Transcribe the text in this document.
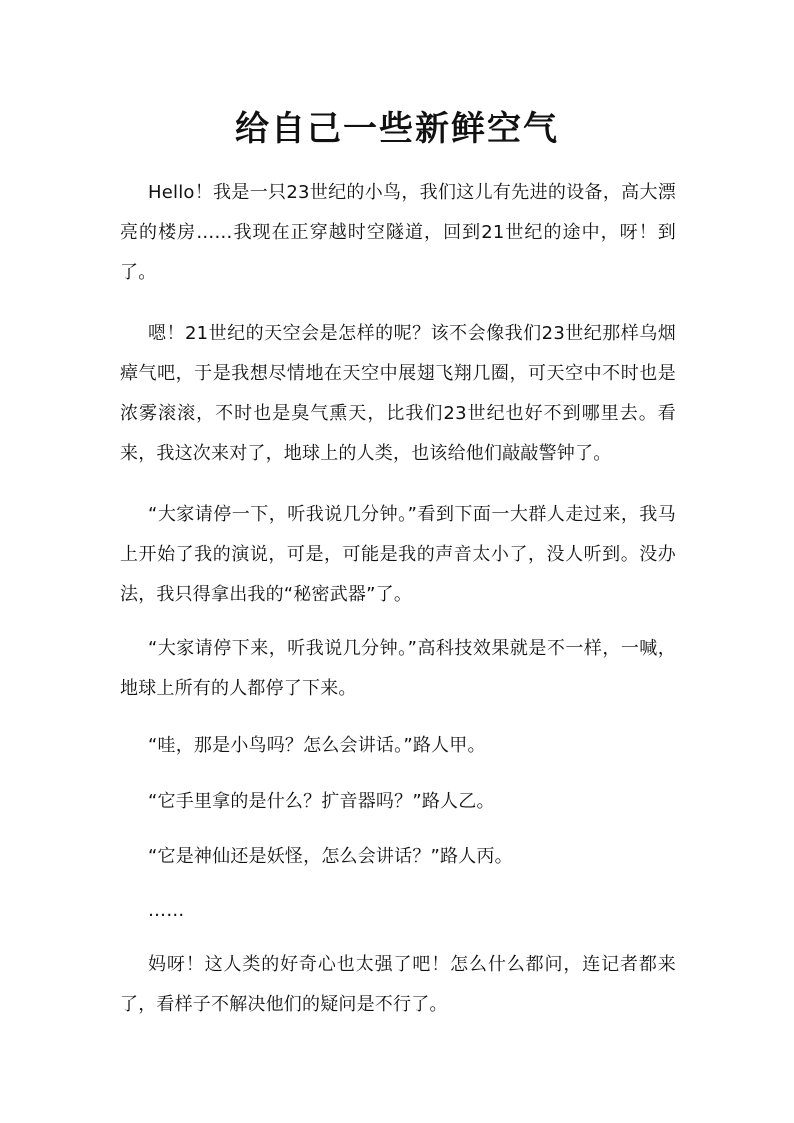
给自己一些新鲜空气

Hello！我是一只23世纪的小鸟，我们这儿有先进的设备，高大漂亮的楼房……我现在正穿越时空隧道，回到21世纪的途中，呀！到了。

嗯！21世纪的天空会是怎样的呢？该不会像我们23世纪那样乌烟瘴气吧，于是我想尽情地在天空中展翅飞翔几圈，可天空中不时也是浓雾滚滚，不时也是臭气熏天，比我们23世纪也好不到哪里去。看来，我这次来对了，地球上的人类，也该给他们敲敲警钟了。

“大家请停一下，听我说几分钟。”看到下面一大群人走过来，我马上开始了我的演说，可是，可能是我的声音太小了，没人听到。没办法，我只得拿出我的“秘密武器”了。

“大家请停下来，听我说几分钟。”高科技效果就是不一样，一喊，地球上所有的人都停了下来。

“哇，那是小鸟吗？怎么会讲话。”路人甲。

“它手里拿的是什么？扩音器吗？”路人乙。

“它是神仙还是妖怪，怎么会讲话？”路人丙。

……

妈呀！这人类的好奇心也太强了吧！怎么什么都问，连记者都来了，看样子不解决他们的疑问是不行了。
